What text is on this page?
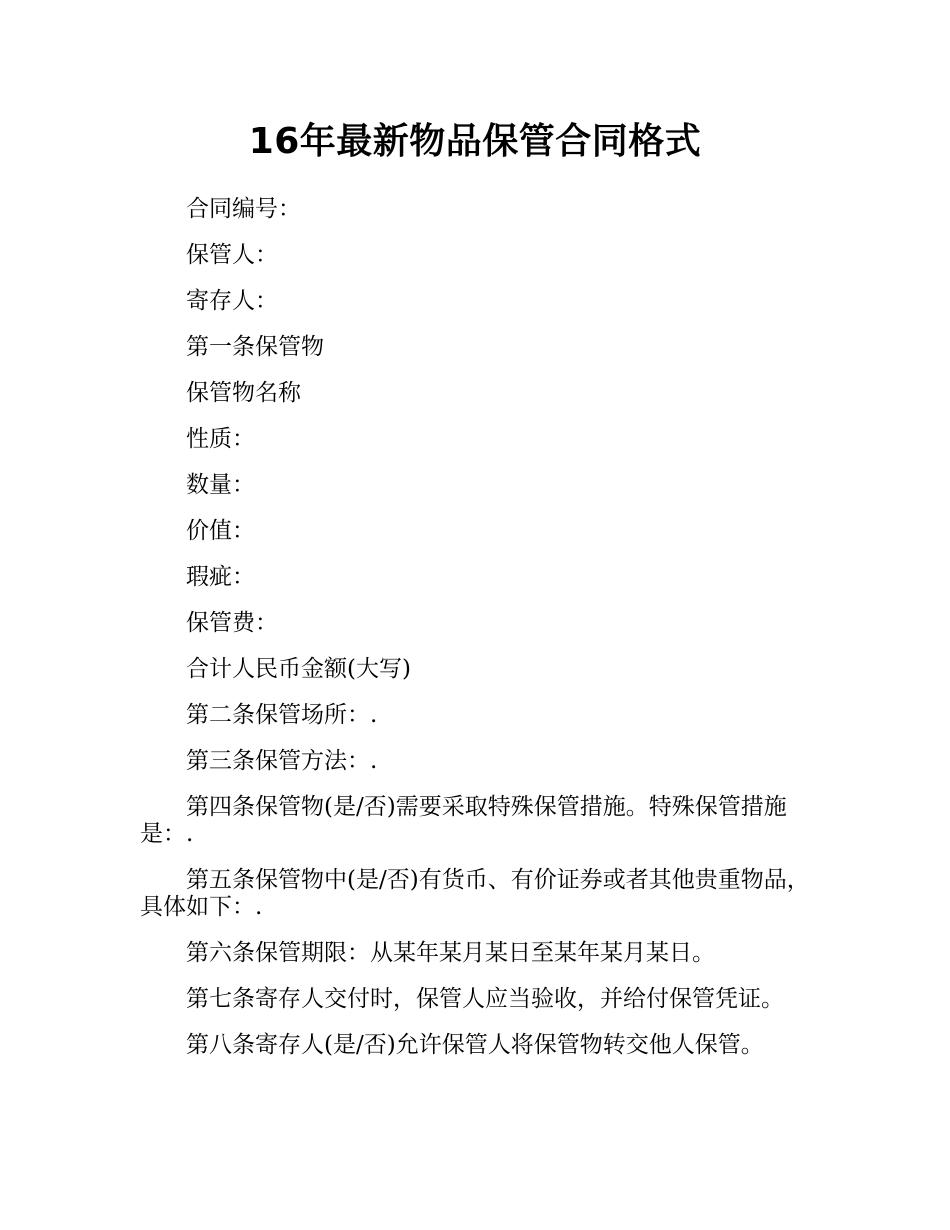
16年最新物品保管合同格式

合同编号：

保管人：

寄存人：

第一条保管物

保管物名称

性质：

数量：

价值：

瑕疵：

保管费：

合计人民币金额(大写)

第二条保管场所：.

第三条保管方法：.

第四条保管物(是/否)需要采取特殊保管措施。特殊保管措施是：.

第五条保管物中(是/否)有货币、有价证券或者其他贵重物品，具体如下：.

第六条保管期限：从某年某月某日至某年某月某日。

第七条寄存人交付时，保管人应当验收，并给付保管凭证。

第八条寄存人(是/否)允许保管人将保管物转交他人保管。
